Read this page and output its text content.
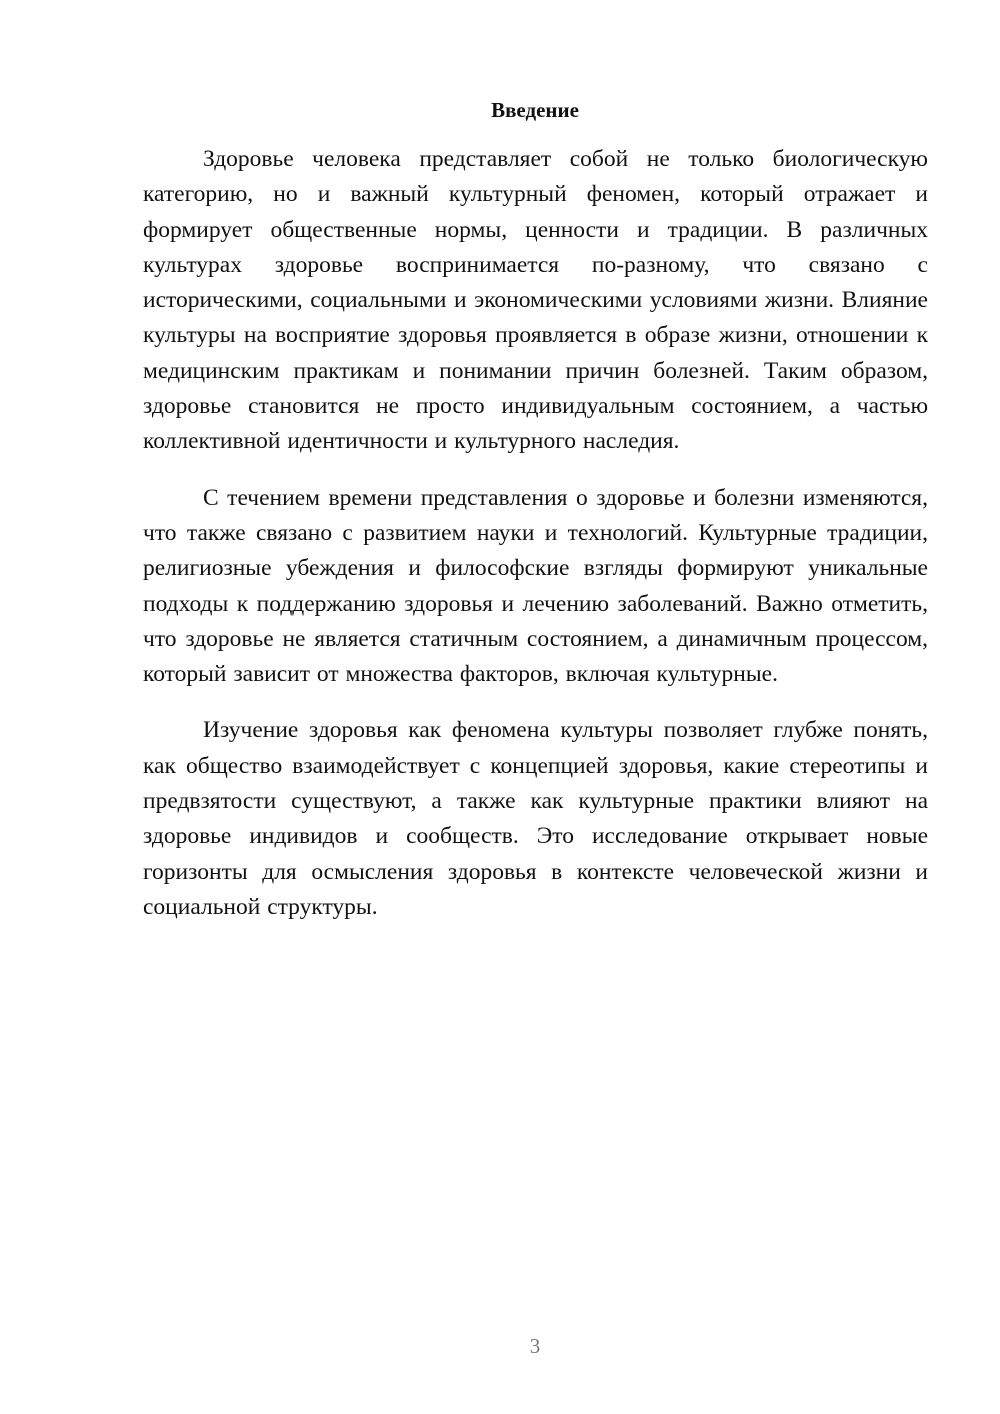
Введение

Здоровье человека представляет собой не только биологическую категорию, но и важный культурный феномен, который отражает и формирует общественные нормы, ценности и традиции. В различных культурах здоровье воспринимается по-разному, что связано с историческими, социальными и экономическими условиями жизни. Влияние культуры на восприятие здоровья проявляется в образе жизни, отношении к медицинским практикам и понимании причин болезней. Таким образом, здоровье становится не просто индивидуальным состоянием, а частью коллективной идентичности и культурного наследия.

С течением времени представления о здоровье и болезни изменяются, что также связано с развитием науки и технологий. Культурные традиции, религиозные убеждения и философские взгляды формируют уникальные подходы к поддержанию здоровья и лечению заболеваний. Важно отметить, что здоровье не является статичным состоянием, а динамичным процессом, который зависит от множества факторов, включая культурные.

Изучение здоровья как феномена культуры позволяет глубже понять, как общество взаимодействует с концепцией здоровья, какие стереотипы и предвзятости существуют, а также как культурные практики влияют на здоровье индивидов и сообществ. Это исследование открывает новые горизонты для осмысления здоровья в контексте человеческой жизни и социальной структуры.

3
